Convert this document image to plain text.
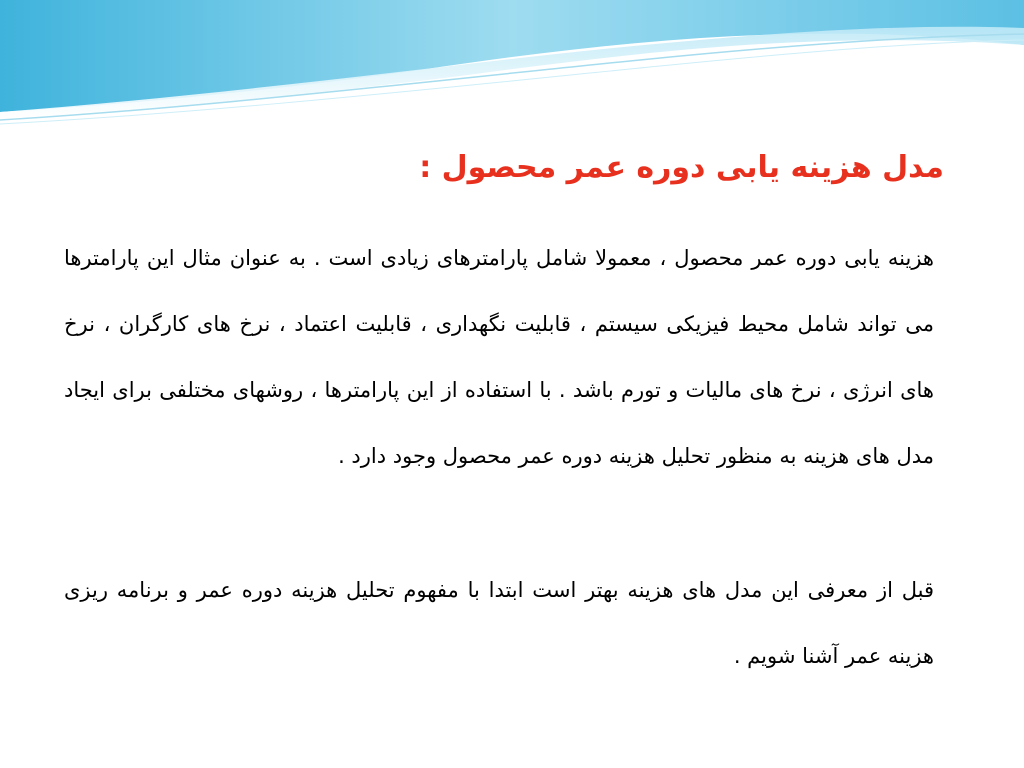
مدل هزینه یابی دوره عمر محصول :

هزینه یابی دوره عمر محصول ، معمولا شامل پارامترهای زیادی است . به عنوان مثال این پارامترها می تواند شامل محیط فیزیکی سیستم ، قابلیت نگهداری ، قابلیت اعتماد ، نرخ های کارگران ، نرخ های انرژی ، نرخ های مالیات و تورم باشد . با استفاده از این پارامترها ، روشهای مختلفی برای ایجاد مدل های هزینه به منظور تحلیل هزینه دوره عمر محصول وجود دارد .

قبل از معرفی این مدل های هزینه بهتر است ابتدا با مفهوم تحلیل هزینه دوره عمر و برنامه ریزی هزینه عمر آشنا شویم .
